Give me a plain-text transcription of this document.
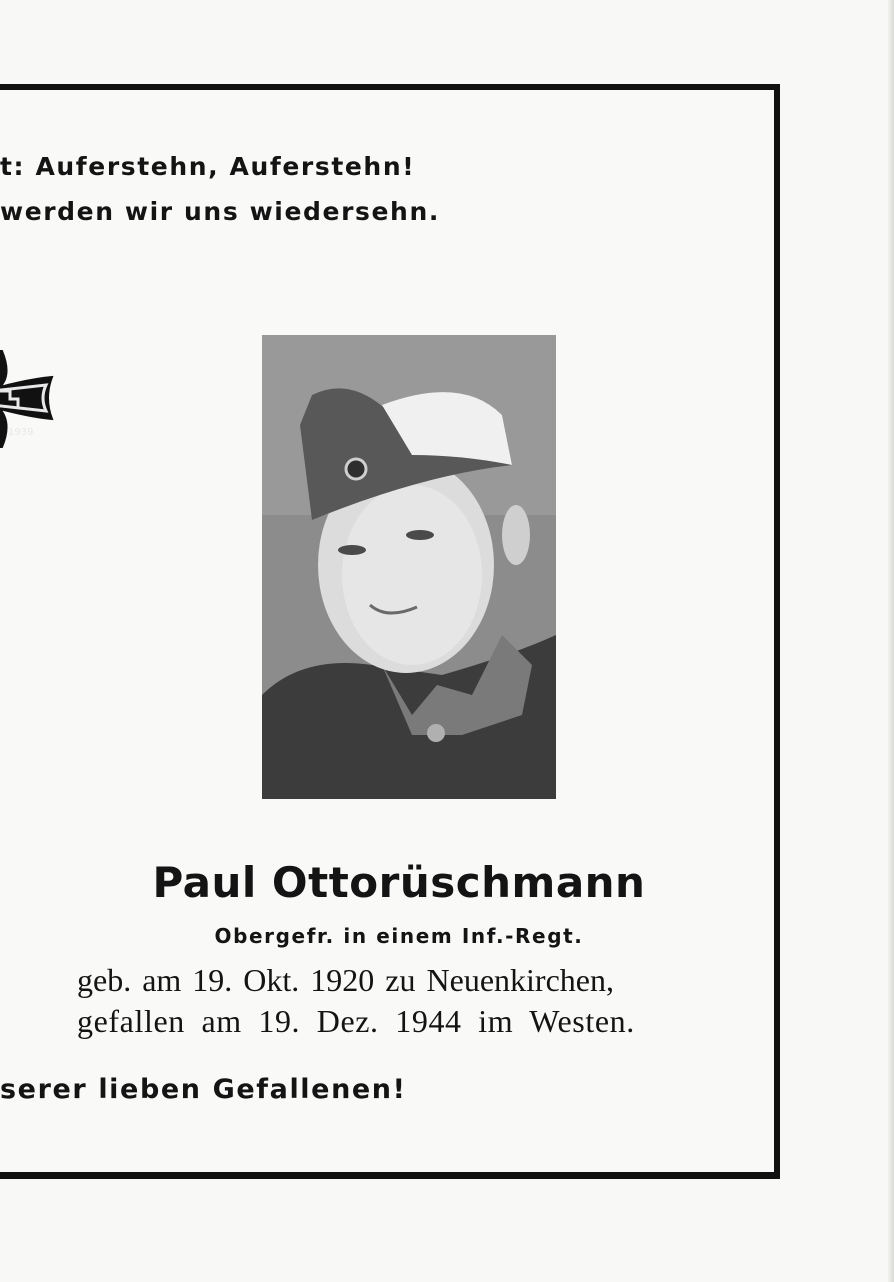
t: Auferstehn, Auferstehn!
werden wir uns wiedersehn.
1939
Paul Ottorüschmann
Obergefr. in einem Inf.-Regt.
geb. am 19. Okt. 1920 zu Neuenkirchen,
gefallen am 19. Dez. 1944 im Westen.
serer lieben Gefallenen!
